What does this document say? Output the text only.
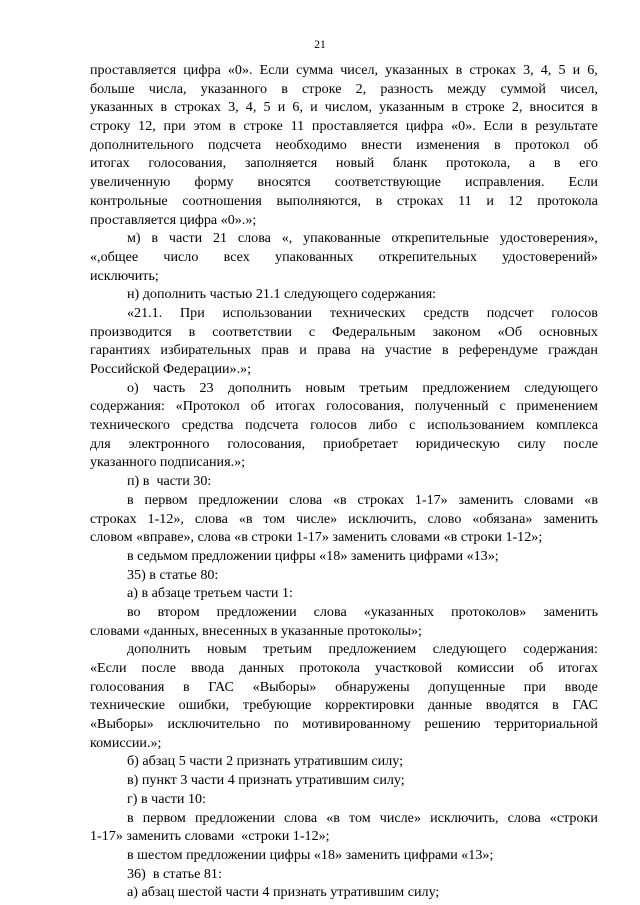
21
проставляется цифра «0». Если сумма чисел, указанных в строках 3, 4, 5 и 6,
больше числа, указанного в строке 2, разность между суммой чисел,
указанных в строках 3, 4, 5 и 6, и числом, указанным в строке 2, вносится в
строку 12, при этом в строке 11 проставляется цифра «0». Если в результате
дополнительного подсчета необходимо внести изменения в протокол об
итогах голосования, заполняется новый бланк протокола, а в его
увеличенную форму вносятся соответствующие исправления. Если
контрольные соотношения выполняются, в строках 11 и 12 протокола
проставляется цифра «0».»;
м) в части 21 слова «, упакованные открепительные удостоверения»,
«,общее число всех упакованных открепительных удостоверений»
исключить;
н) дополнить частью 21.1 следующего содержания:
«21.1. При использовании технических средств подсчет голосов
производится в соответствии с Федеральным законом «Об основных
гарантиях избирательных прав и права на участие в референдуме граждан
Российской Федерации».»;
о) часть 23 дополнить новым третьим предложением следующего
содержания: «Протокол об итогах голосования, полученный с применением
технического средства подсчета голосов либо с использованием комплекса
для электронного голосования, приобретает юридическую силу после
указанного подписания.»;
п) в  части 30:
в первом предложении слова «в строках 1-17» заменить словами «в
строках 1-12», слова «в том числе» исключить, слово «обязана» заменить
словом «вправе», слова «в строки 1-17» заменить словами «в строки 1-12»;
в седьмом предложении цифры «18» заменить цифрами «13»;
35) в статье 80:
а) в абзаце третьем части 1:
во втором предложении слова «указанных протоколов» заменить
словами «данных, внесенных в указанные протоколы»;
дополнить новым третьим предложением следующего содержания:
«Если после ввода данных протокола участковой комиссии об итогах
голосования в ГАС «Выборы» обнаружены допущенные при вводе
технические ошибки, требующие корректировки данные вводятся в ГАС
«Выборы» исключительно по мотивированному решению территориальной
комиссии.»;
б) абзац 5 части 2 признать утратившим силу;
в) пункт 3 части 4 признать утратившим силу;
г) в части 10:
в первом предложении слова «в том числе» исключить, слова «строки
1-17» заменить словами  «строки 1-12»;
в шестом предложении цифры «18» заменить цифрами «13»;
36)  в статье 81:
а) абзац шестой части 4 признать утратившим силу;
